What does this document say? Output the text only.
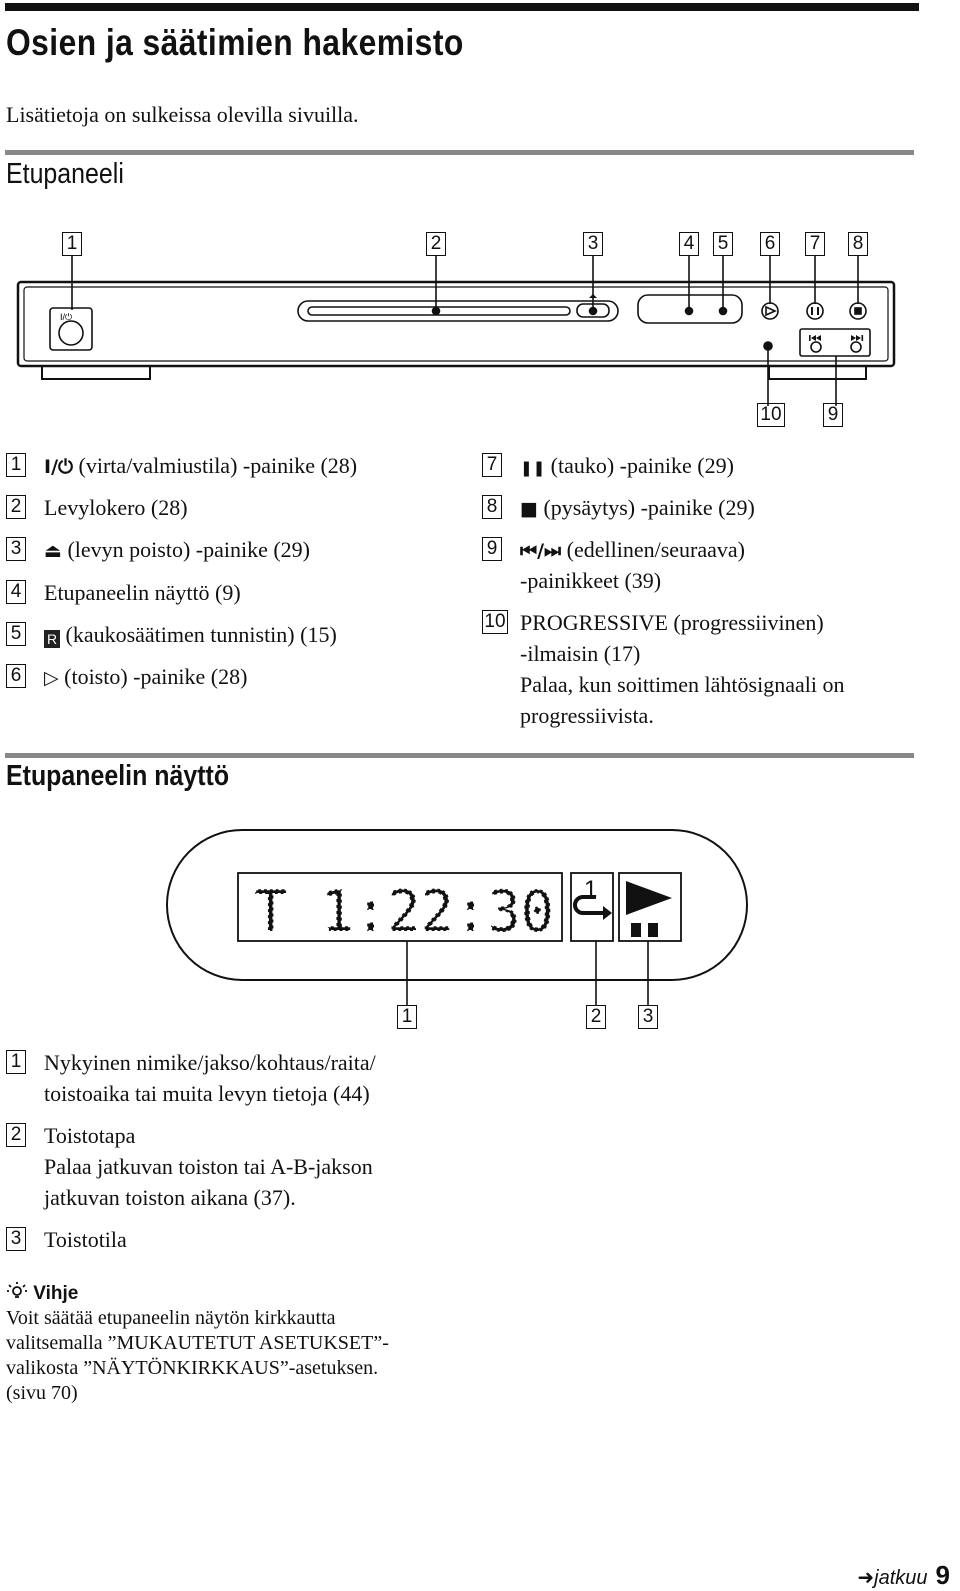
Osien ja säätimien hakemisto
Lisätietoja on sulkeissa olevilla sivuilla.
Etupaneeli
1	2	3	4 5 6 7 8
10 9
I/⏻
1 I/⏻ (virta/valmiustila) -painike (28)
2 Levylokero (28)
3 ⏏ (levyn poisto) -painike (29)
4 Etupaneelin näyttö (9)
5	R (kaukosäätimen tunnistin) (15)
6 ▷ (toisto) -painike (28)
7	❚❚ (tauko) -painike (29)
8 ■ (pysäytys) -painike (29)
9 ⏮/⏭ (edellinen/seuraava)
-painikkeet (39)
10 PROGRESSIVE (progressiivinen)
-ilmaisin (17)
Palaa, kun soittimen lähtösignaali on
progressiivista.
Etupaneelin näyttö
T 1:22:30 1
1	2 3
1 Nykyinen nimike/jakso/kohtaus/raita/
toistoaika tai muita levyn tietoja (44)
2 Toistotapa
Palaa jatkuvan toiston tai A-B-jakson
jatkuvan toiston aikana (37).
3 Toistotila
Vihje
Voit säätää etupaneelin näytön kirkkautta
valitsemalla ”MUKAUTETUT ASETUKSET”-
valikosta ”NÄYTÖNKIRKKAUS”-asetuksen.
(sivu 70)
➜jatkuu 9
